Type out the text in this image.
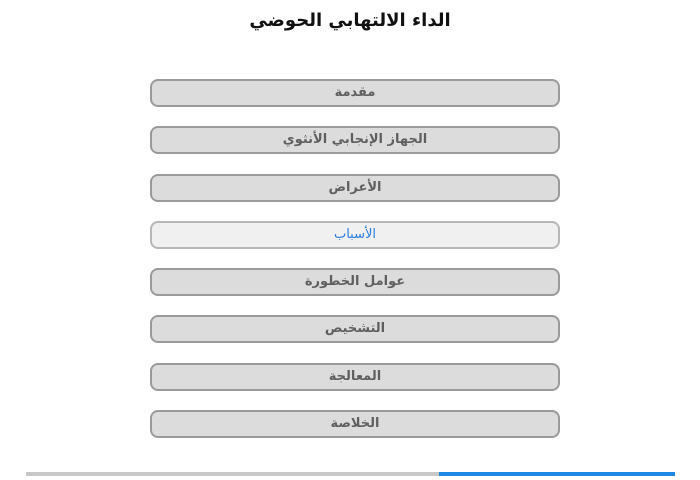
الداء الالتهابي الحوضي
مقدمة
الجهاز الإنجابي الأنثوي
الأعراض
الأسباب
عوامل الخطورة
التشخيص
المعالجة
الخلاصة
